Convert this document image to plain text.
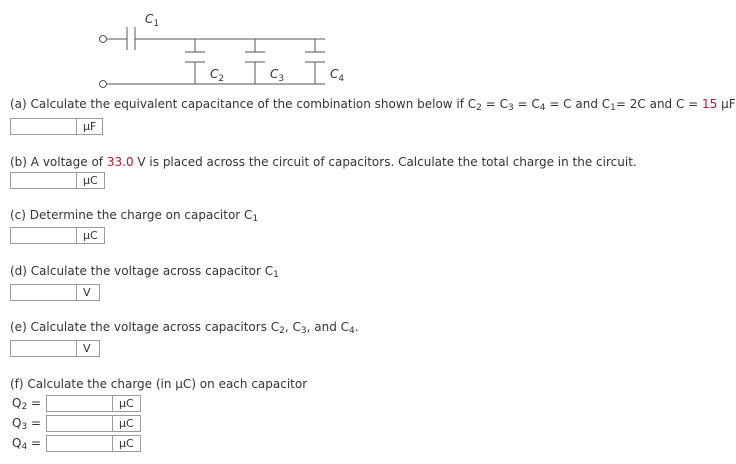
$C_1$
$C_2$	$C_3$	$C_4$
(a) Calculate the equivalent capacitance of the combination shown below if $C_2 = C_3 = C_4 = C$ and $C_1= 2C$ and C = 15 μF
μF
(b) A voltage of 33.0 V is placed across the circuit of capacitors. Calculate the total charge in the circuit.
μC
(c) Determine the charge on capacitor $C_1$
μC
(d) Calculate the voltage across capacitor $C_1$
V
(e) Calculate the voltage across capacitors $C_2$, $C_3$, and $C_4$.
V
(f) Calculate the charge (in μC) on each capacitor
$Q_2$ =	μC
$Q_3$ =	μC
$Q_4$ =	μC
